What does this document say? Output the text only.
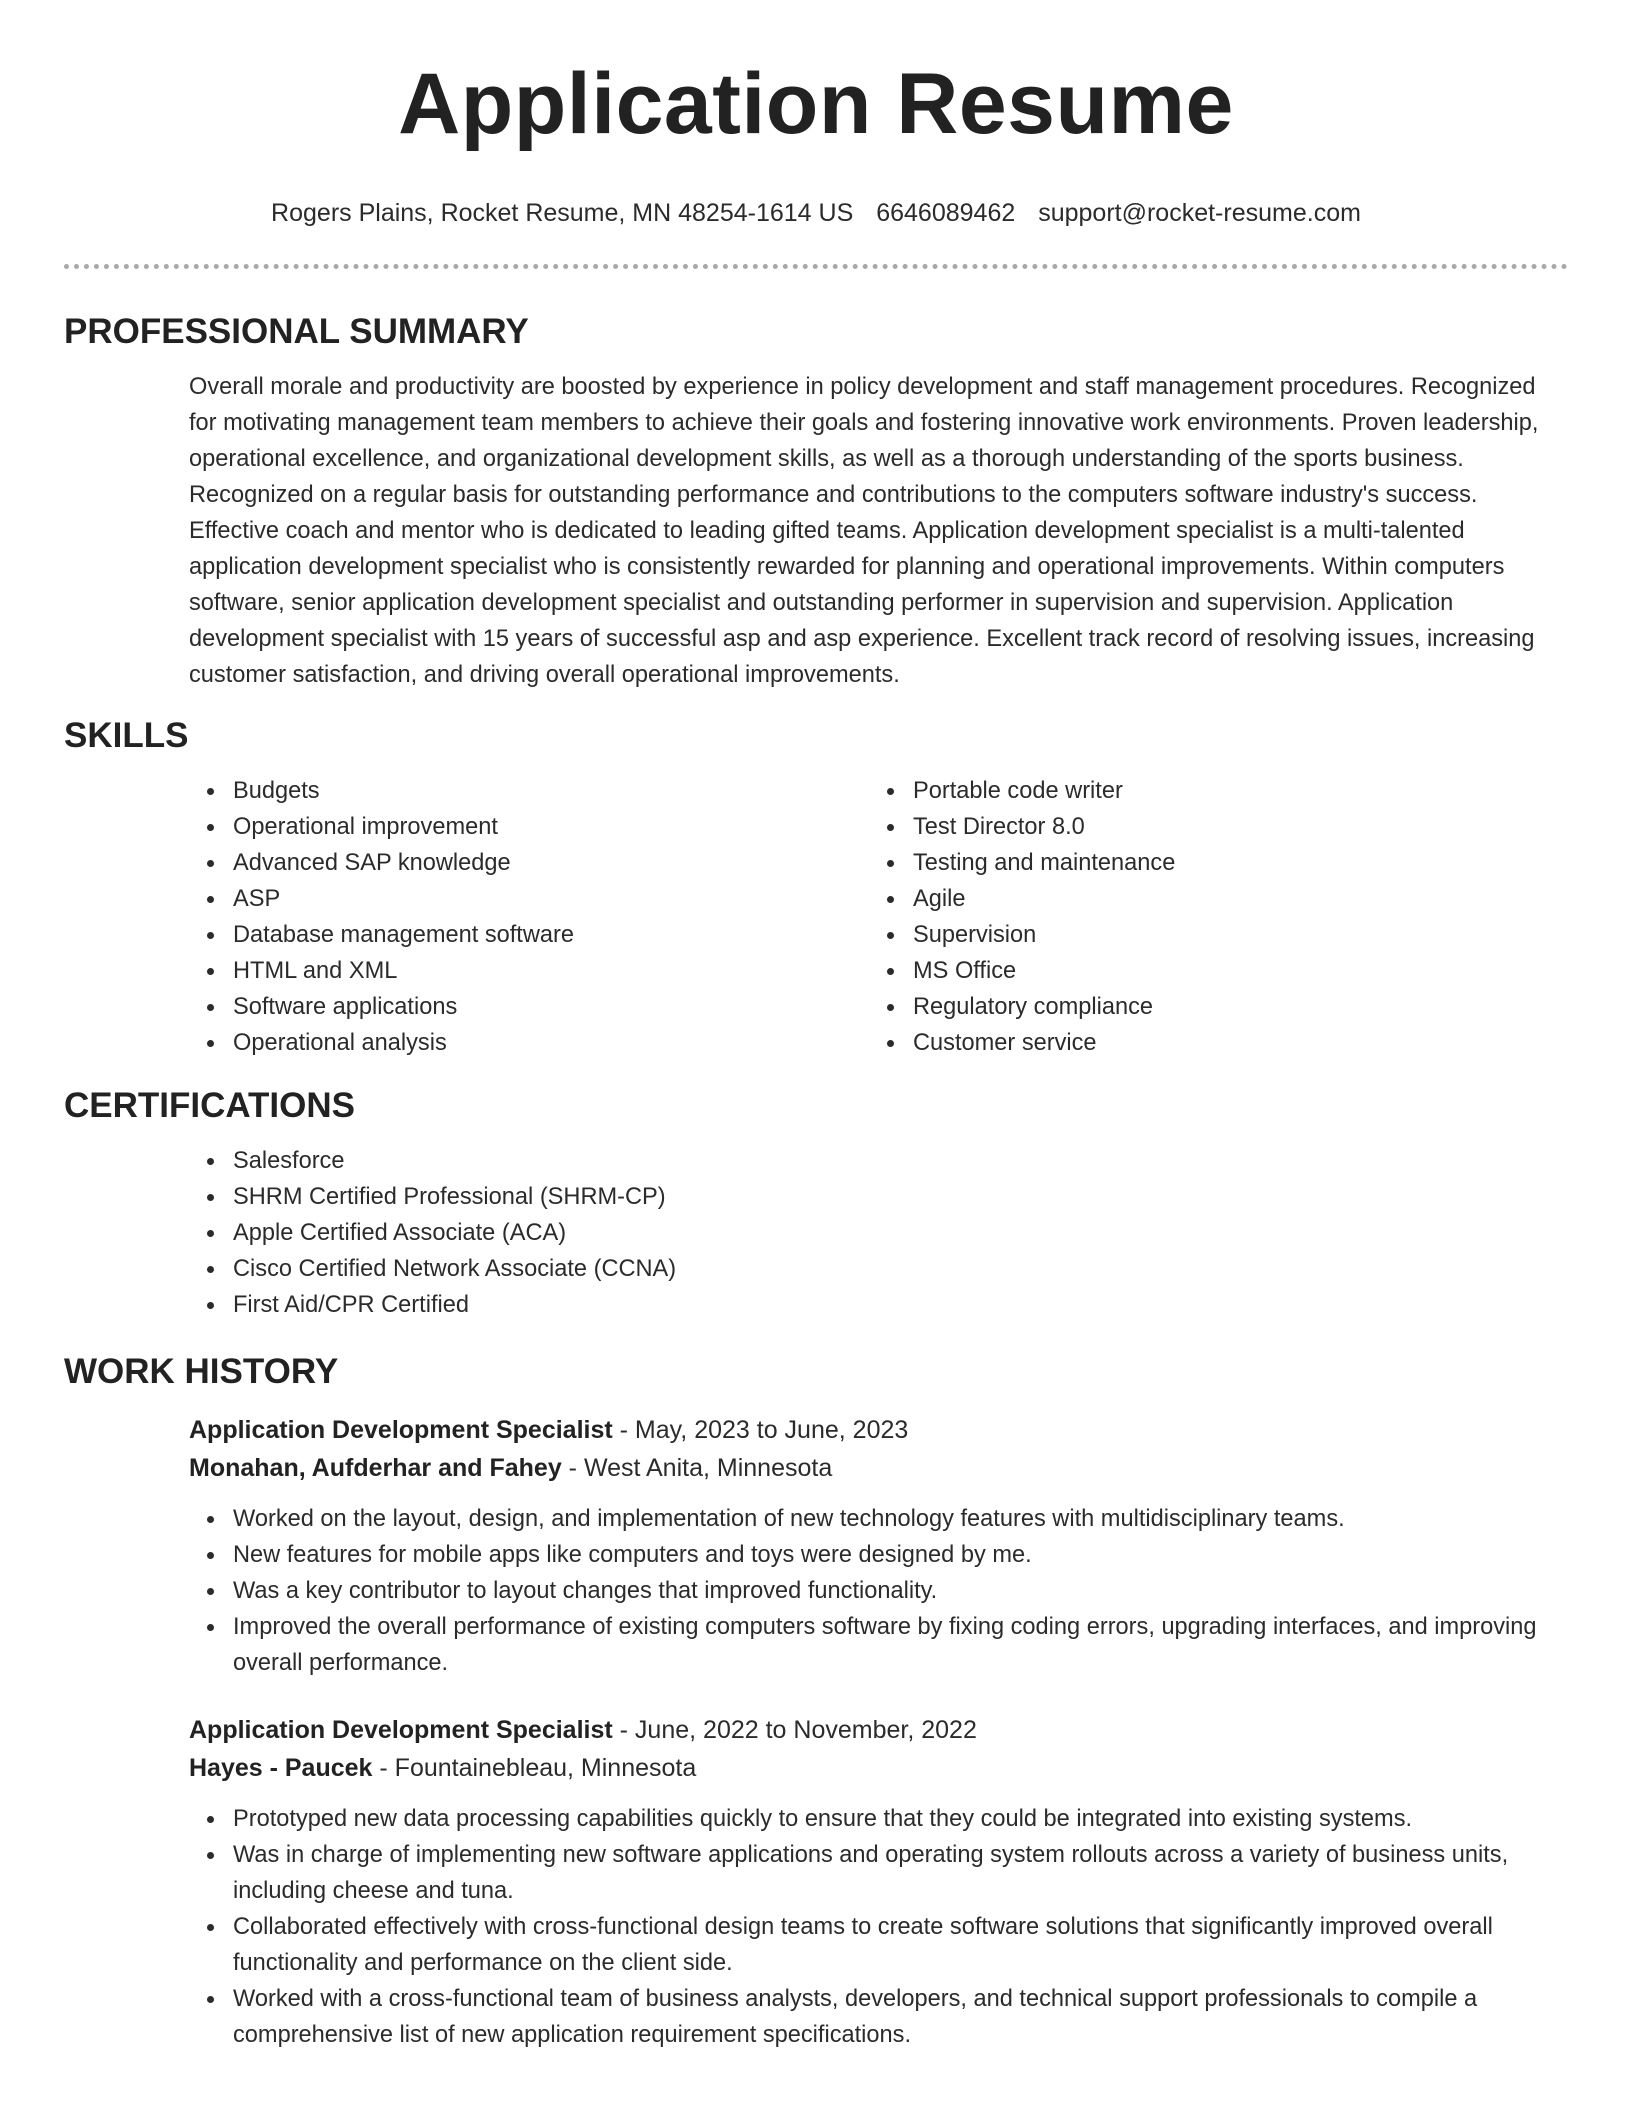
Application Resume
Rogers Plains, Rocket Resume, MN 48254-1614 US 6646089462 support@rocket-resume.com
PROFESSIONAL SUMMARY

Overall morale and productivity are boosted by experience in policy development and staff management procedures. Recognized for motivating management team members to achieve their goals and fostering innovative work environments. Proven leadership, operational excellence, and organizational development skills, as well as a thorough understanding of the sports business. Recognized on a regular basis for outstanding performance and contributions to the computers software industry's success. Effective coach and mentor who is dedicated to leading gifted teams. Application development specialist is a multi-talented application development specialist who is consistently rewarded for planning and operational improvements. Within computers software, senior application development specialist and outstanding performer in supervision and supervision. Application development specialist with 15 years of successful asp and asp experience. Excellent track record of resolving issues, increasing customer satisfaction, and driving overall operational improvements.

SKILLS
Budgets
Operational improvement
Advanced SAP knowledge
ASP
Database management software
HTML and XML
Software applications
Operational analysis
Portable code writer
Test Director 8.0
Testing and maintenance
Agile
Supervision
MS Office
Regulatory compliance
Customer service
CERTIFICATIONS
Salesforce
SHRM Certified Professional (SHRM-CP)
Apple Certified Associate (ACA)
Cisco Certified Network Associate (CCNA)
First Aid/CPR Certified
WORK HISTORY
Application Development Specialist - May, 2023 to June, 2023
Monahan, Aufderhar and Fahey - West Anita, Minnesota
Worked on the layout, design, and implementation of new technology features with multidisciplinary teams.
New features for mobile apps like computers and toys were designed by me.
Was a key contributor to layout changes that improved functionality.
Improved the overall performance of existing computers software by fixing coding errors, upgrading interfaces, and improving overall performance.
Application Development Specialist - June, 2022 to November, 2022
Hayes - Paucek - Fountainebleau, Minnesota
Prototyped new data processing capabilities quickly to ensure that they could be integrated into existing systems.
Was in charge of implementing new software applications and operating system rollouts across a variety of business units, including cheese and tuna.
Collaborated effectively with cross-functional design teams to create software solutions that significantly improved overall functionality and performance on the client side.
Worked with a cross-functional team of business analysts, developers, and technical support professionals to compile a comprehensive list of new application requirement specifications.
